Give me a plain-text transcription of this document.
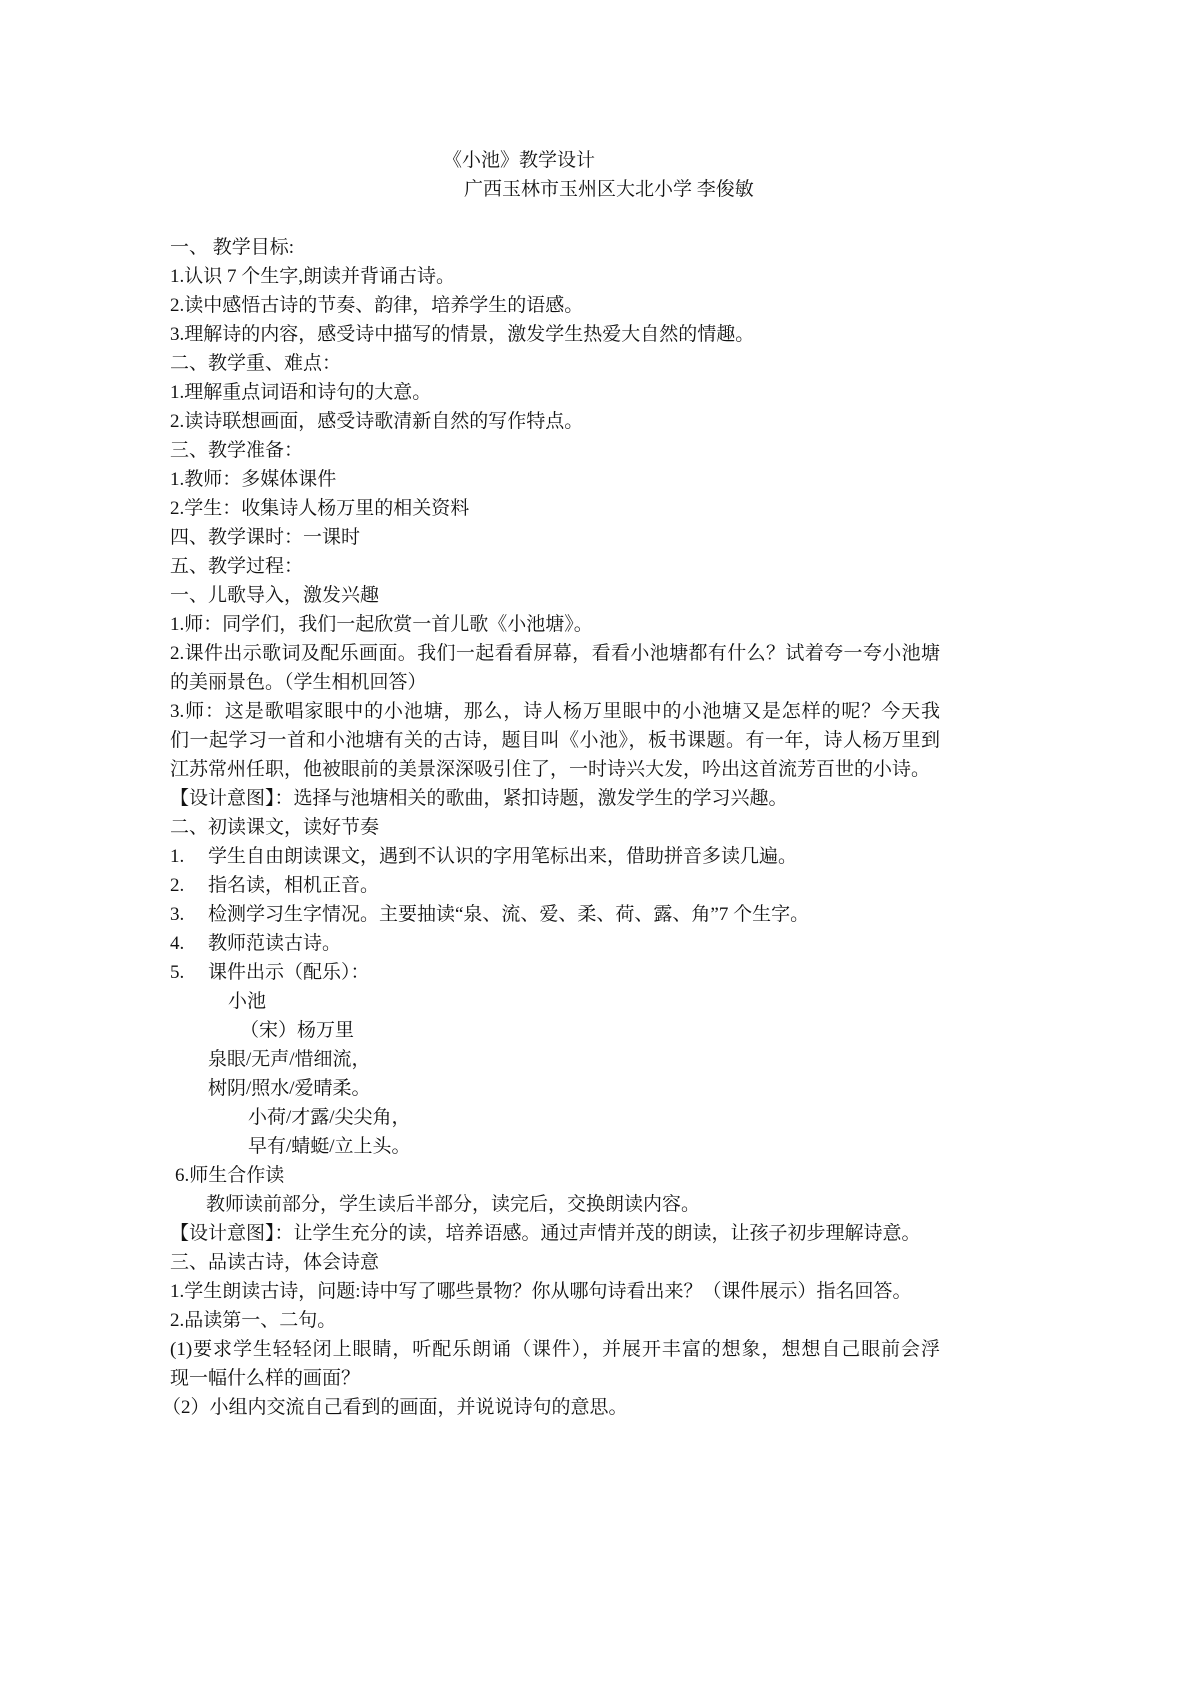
《小池》教学设计
广西玉林市玉州区大北小学 李俊敏
一、 教学目标:
1.认识 7 个生字,朗读并背诵古诗。
2.读中感悟古诗的节奏、韵律，培养学生的语感。
3.理解诗的内容，感受诗中描写的情景，激发学生热爱大自然的情趣。
二、教学重、难点：
1.理解重点词语和诗句的大意。
2.读诗联想画面，感受诗歌清新自然的写作特点。
三、教学准备：
1.教师：多媒体课件
2.学生：收集诗人杨万里的相关资料
四、教学课时：一课时
五、教学过程：
一、儿歌导入，激发兴趣
1.师：同学们，我们一起欣赏一首儿歌《小池塘》。
2.课件出示歌词及配乐画面。我们一起看看屏幕，看看小池塘都有什么？试着夸一夸小池塘
的美丽景色。（学生相机回答）
3.师：这是歌唱家眼中的小池塘，那么，诗人杨万里眼中的小池塘又是怎样的呢？今天我
们一起学习一首和小池塘有关的古诗，题目叫《小池》，板书课题。有一年，诗人杨万里到
江苏常州任职，他被眼前的美景深深吸引住了，一时诗兴大发，吟出这首流芳百世的小诗。
【设计意图】：选择与池塘相关的歌曲，紧扣诗题，激发学生的学习兴趣。
二、初读课文，读好节奏
1. 学生自由朗读课文，遇到不认识的字用笔标出来，借助拼音多读几遍。
2. 指名读，相机正音。
3. 检测学习生字情况。主要抽读“泉、流、爱、柔、荷、露、角”7 个生字。
4. 教师范读古诗。
5. 课件出示（配乐）：
小池
（宋）杨万里
泉眼/无声/惜细流，
树阴/照水/爱晴柔。
小荷/才露/尖尖角，
早有/蜻蜓/立上头。
6.师生合作读
教师读前部分，学生读后半部分，读完后，交换朗读内容。
【设计意图】：让学生充分的读，培养语感。通过声情并茂的朗读，让孩子初步理解诗意。
三、品读古诗，体会诗意
1.学生朗读古诗，问题:诗中写了哪些景物？你从哪句诗看出来？（课件展示）指名回答。
2.品读第一、二句。
(1)要求学生轻轻闭上眼睛，听配乐朗诵（课件），并展开丰富的想象，想想自己眼前会浮
现一幅什么样的画面？
（2）小组内交流自己看到的画面，并说说诗句的意思。
